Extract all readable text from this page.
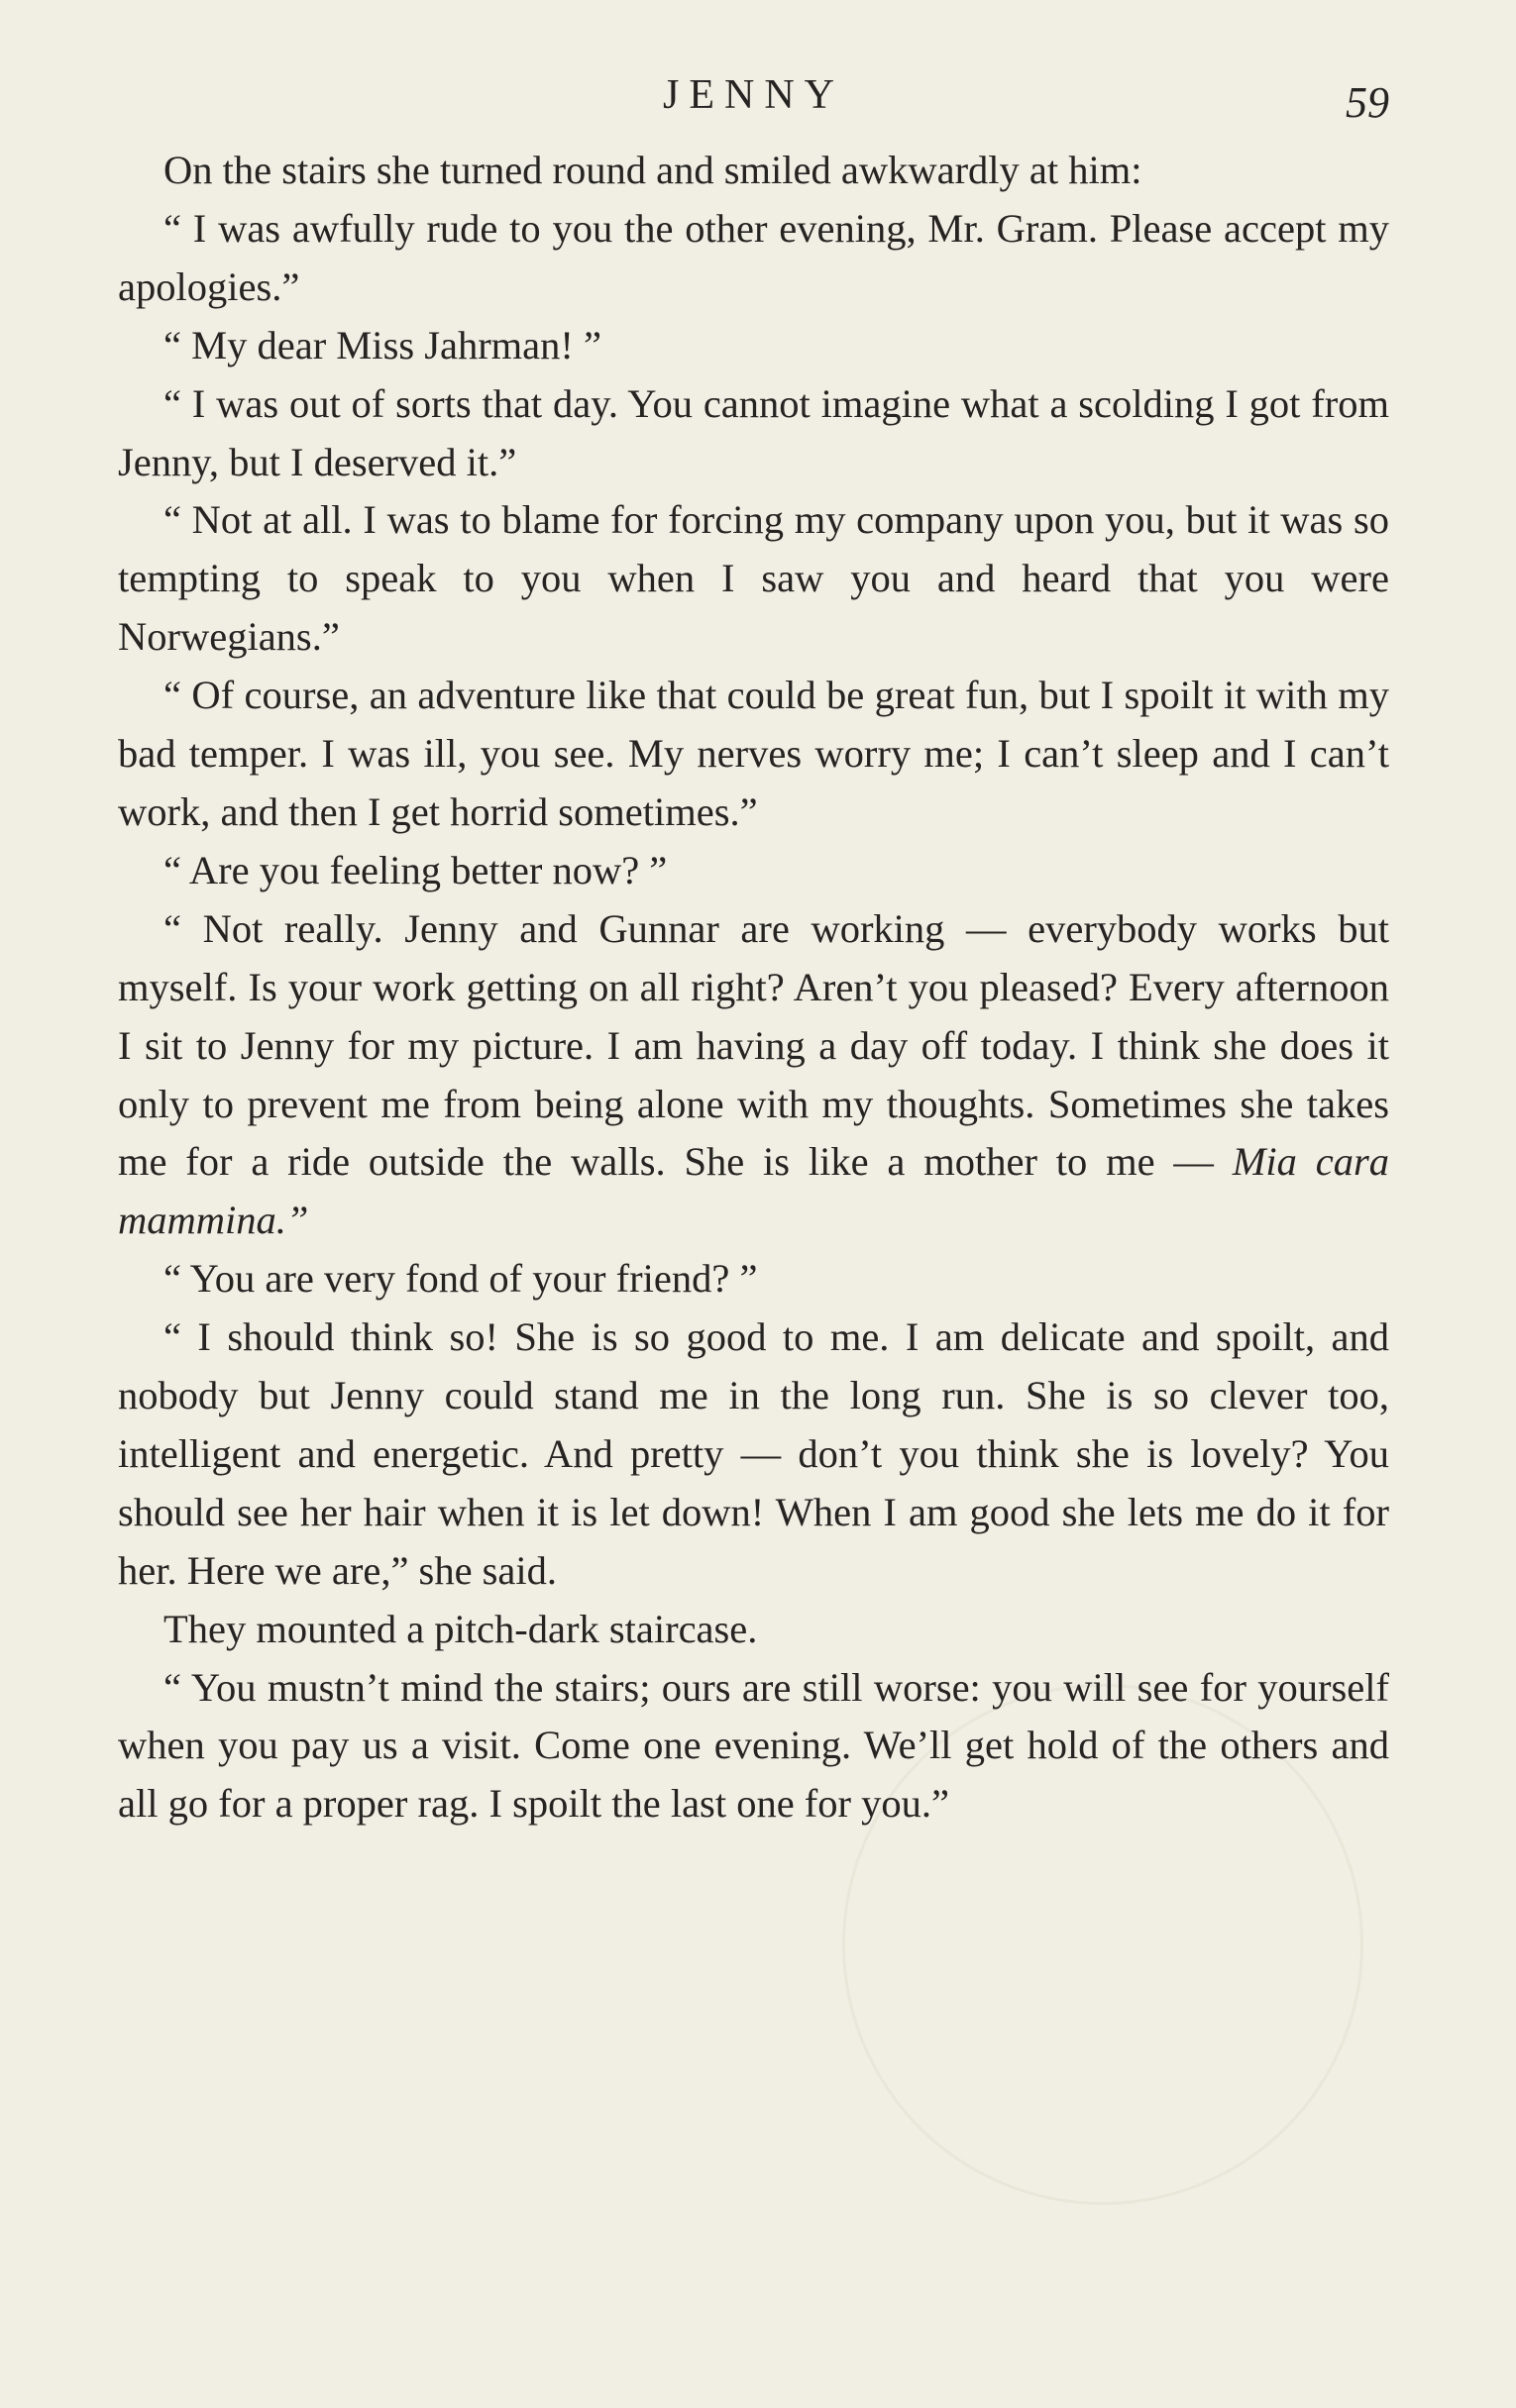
JENNY	59

On the stairs she turned round and smiled awkwardly at him:

“ I was awfully rude to you the other evening, Mr. Gram. Please accept my apologies.”

“ My dear Miss Jahrman! ”

“ I was out of sorts that day. You cannot imagine what a scolding I got from Jenny, but I deserved it.”

“ Not at all. I was to blame for forcing my company upon you, but it was so tempting to speak to you when I saw you and heard that you were Norwegians.”

“ Of course, an adventure like that could be great fun, but I spoilt it with my bad temper. I was ill, you see. My nerves worry me; I can’t sleep and I can’t work, and then I get horrid sometimes.”

“ Are you feeling better now? ”

“ Not really. Jenny and Gunnar are working — everybody works but myself. Is your work getting on all right? Aren’t you pleased? Every afternoon I sit to Jenny for my picture. I am having a day off today. I think she does it only to prevent me from being alone with my thoughts. Sometimes she takes me for a ride outside the walls. She is like a mother to me — Mia cara mammina.”

“ You are very fond of your friend? ”

“ I should think so! She is so good to me. I am delicate and spoilt, and nobody but Jenny could stand me in the long run. She is so clever too, intelligent and energetic. And pretty — don’t you think she is lovely? You should see her hair when it is let down! When I am good she lets me do it for her. Here we are,” she said.

They mounted a pitch-dark staircase.

“ You mustn’t mind the stairs; ours are still worse: you will see for yourself when you pay us a visit. Come one evening. We’ll get hold of the others and all go for a proper rag. I spoilt the last one for you.”
